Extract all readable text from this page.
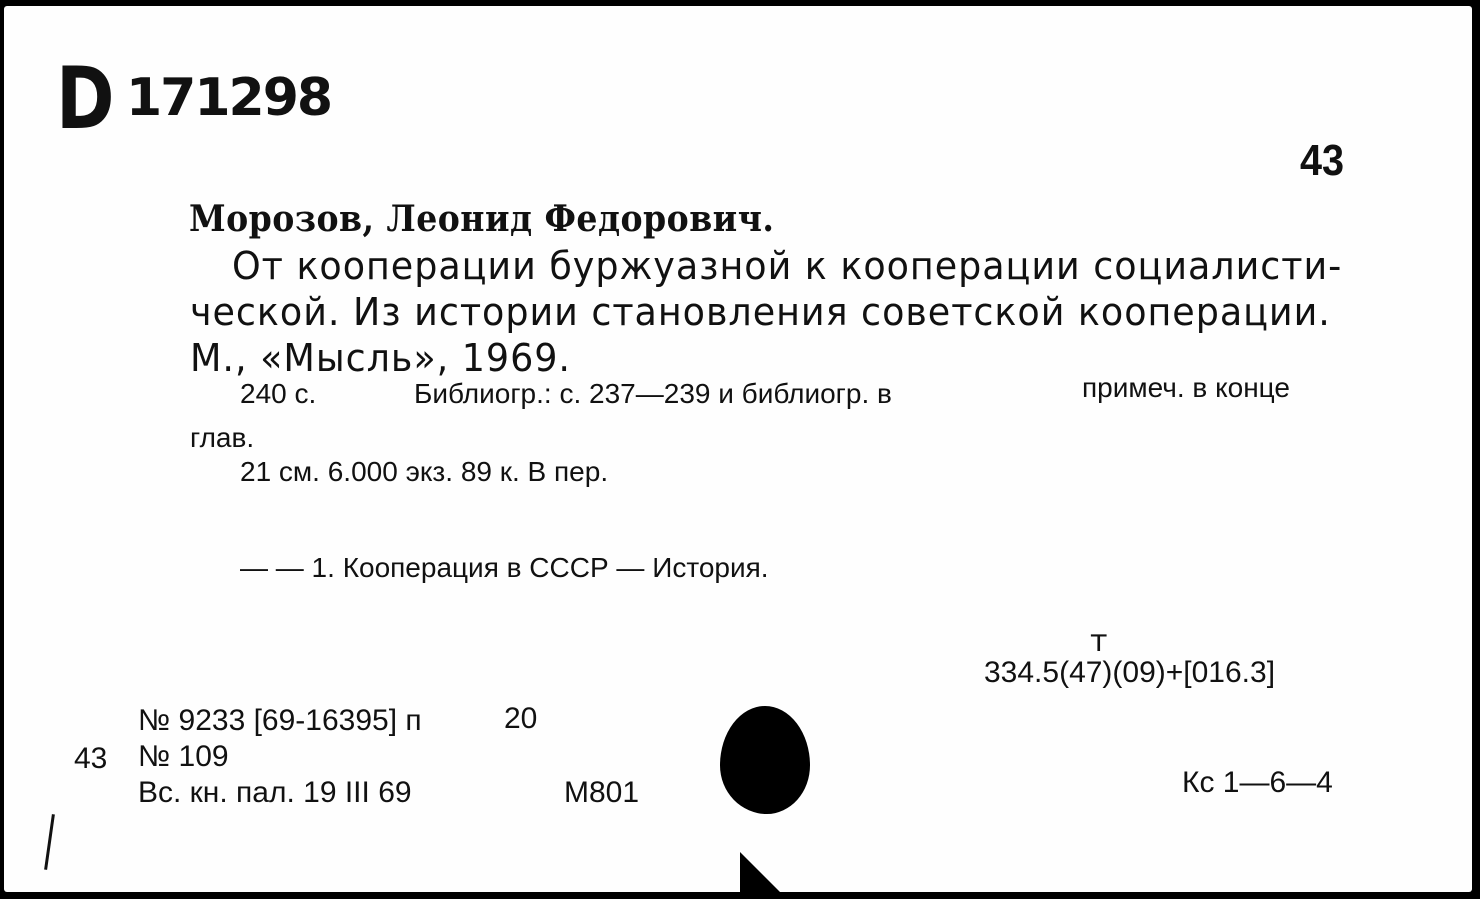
D 171298
43
Морозов, Леонид Федорович.
От кооперации буржуазной к кооперации социалисти-
ческой. Из истории становления советской кооперации.
М., «Мысль», 1969.
240 с.	Библиогр.: с. 237—239 и библиогр. в	примеч. в конце
глав.
21 см. 6.000 экз. 89 к. В пер.
— — 1. Кооперация в СССР — История.
т
334.5(47)(09)+[016.3]
№ 9233 [69-16395] п	20
43 № 109
Вс. кн. пал. 19 III 69	М801	Кс 1—6—4
